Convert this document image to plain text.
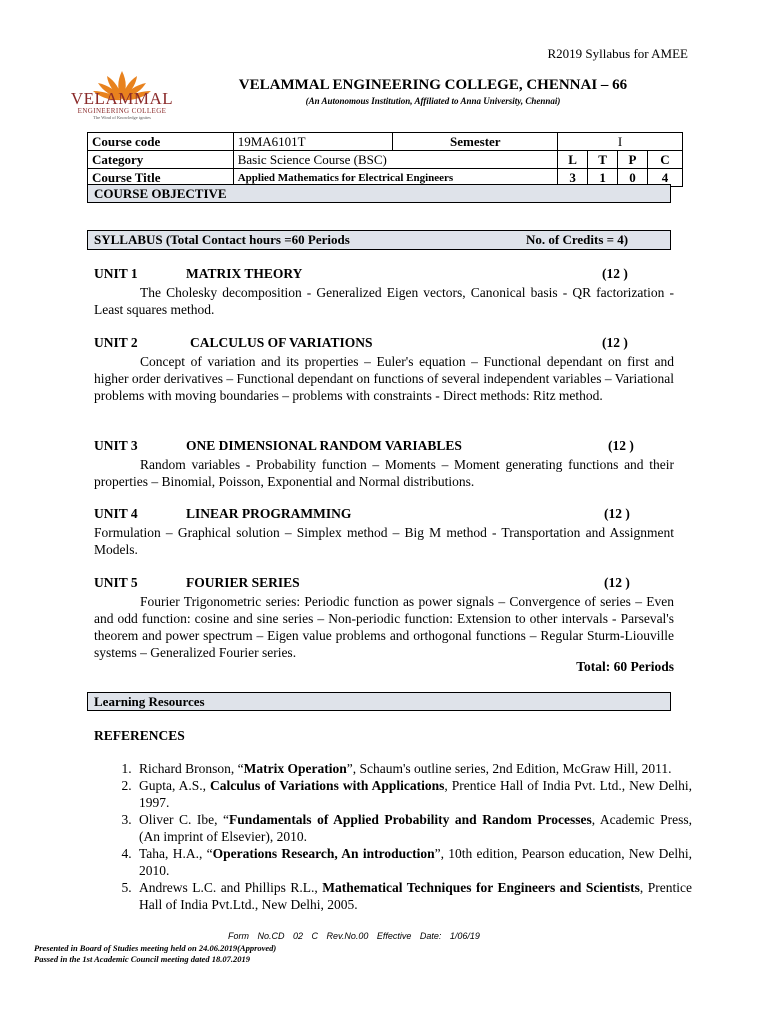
R2019 Syllabus for AMEE
VELAMMAL
ENGINEERING COLLEGE
The Wind of Knowledge ignites
VELAMMAL ENGINEERING COLLEGE, CHENNAI – 66
(An Autonomous Institution, Affiliated to Anna University, Chennai)
Course code	19MA6101T	Semester	I			
Category	Basic Science Course (BSC)		L	T	P	C
Course Title	Applied Mathematics for Electrical Engineers		3	1	0	4
COURSE OBJECTIVE
SYLLABUS (Total Contact hours =60 Periods	No. of Credits = 4)
UNIT 1	MATRIX THEORY	(12 )
The Cholesky decomposition - Generalized Eigen vectors, Canonical basis - QR factorization - Least squares method.
UNIT 2	CALCULUS OF VARIATIONS	(12 )
Concept of variation and its properties – Euler's equation – Functional dependant on first and higher order derivatives – Functional dependant on functions of several independent variables – Variational problems with moving boundaries – problems with constraints - Direct methods: Ritz method.
UNIT 3	ONE DIMENSIONAL RANDOM VARIABLES	(12 )
Random variables - Probability function – Moments – Moment generating functions and their properties – Binomial, Poisson, Exponential and Normal distributions.
UNIT 4	LINEAR PROGRAMMING	(12 )
Formulation – Graphical solution – Simplex method – Big M method - Transportation and Assignment Models.
UNIT 5	FOURIER SERIES	(12 )
Fourier Trigonometric series: Periodic function as power signals – Convergence of series – Even and odd function: cosine and sine series – Non-periodic function: Extension to other intervals - Parseval's theorem and power spectrum – Eigen value problems and orthogonal functions – Regular Sturm-Liouville systems – Generalized Fourier series.
Total: 60 Periods
Learning Resources
REFERENCES
1. Richard Bronson, “Matrix Operation”, Schaum's outline series, 2nd Edition, McGraw Hill, 2011.
2. Gupta, A.S., Calculus of Variations with Applications, Prentice Hall of India Pvt. Ltd., New Delhi, 1997.
3. Oliver C. Ibe, “Fundamentals of Applied Probability and Random Processes, Academic Press, (An imprint of Elsevier), 2010.
4. Taha, H.A., “Operations Research, An introduction”, 10th edition, Pearson education, New Delhi, 2010.
5. Andrews L.C. and Phillips R.L., Mathematical Techniques for Engineers and Scientists, Prentice Hall of India Pvt.Ltd., New Delhi, 2005.
Form No.CD 02 C Rev.No.00 Effective Date: 1/06/19
Presented in Board of Studies meeting held on 24.06.2019(Approved)
Passed in the 1st Academic Council meeting dated 18.07.2019
